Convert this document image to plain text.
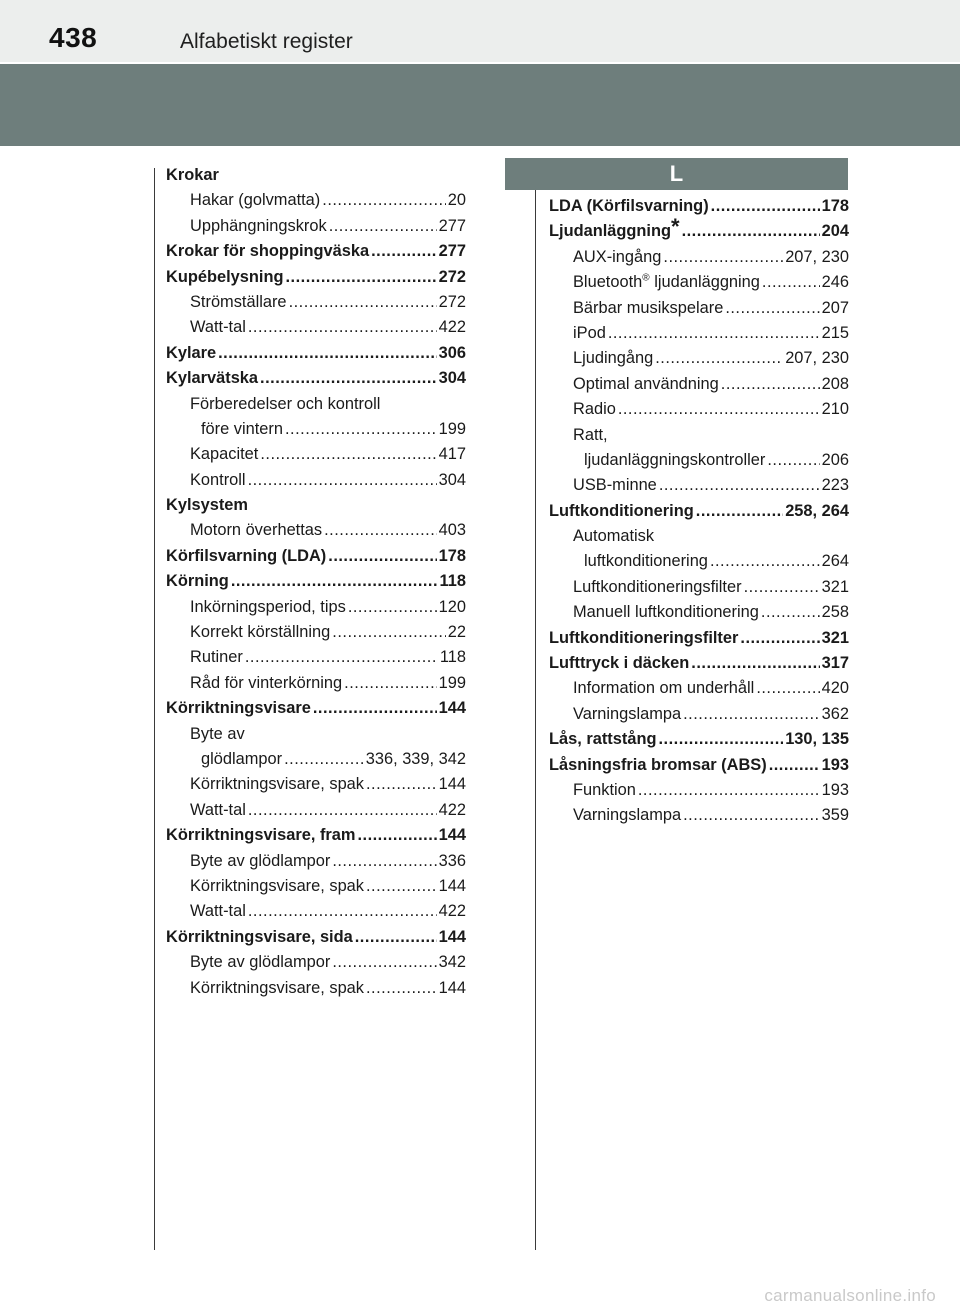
438	Alfabetiskt register
L
Krokar
Hakar (golvmatta) .....	20
Upphängningskrok .....	277
Krokar för shoppingväska .....	277
Kupébelysning .....	272
Strömställare .....	272
Watt-tal .....	422
Kylare .....	306
Kylarvätska .....	304
Förberedelser och kontroll
före vintern .....	199
Kapacitet .....	417
Kontroll .....	304
Kylsystem
Motorn överhettas .....	403
Körfilsvarning (LDA) .....	178
Körning .....	118
Inkörningsperiod, tips .....	120
Korrekt körställning .....	22
Rutiner .....	118
Råd för vinterkörning .....	199
Körriktningsvisare .....	144
Byte av
glödlampor .....	336, 339, 342
Körriktningsvisare, spak .....	144
Watt-tal .....	422
Körriktningsvisare, fram .....	144
Byte av glödlampor .....	336
Körriktningsvisare, spak .....	144
Watt-tal .....	422
Körriktningsvisare, sida .....	144
Byte av glödlampor .....	342
Körriktningsvisare, spak .....	144
LDA (Körfilsvarning) .....	178
Ljudanläggning* .....	204
AUX-ingång .....	207, 230
Bluetooth® ljudanläggning .....	246
Bärbar musikspelare .....	207
iPod .....	215
Ljudingång .....	207, 230
Optimal användning .....	208
Radio .....	210
Ratt,
ljudanläggningskontroller .....	206
USB-minne .....	223
Luftkonditionering .....	258, 264
Automatisk
luftkonditionering .....	264
Luftkonditioneringsfilter .....	321
Manuell luftkonditionering .....	258
Luftkonditioneringsfilter .....	321
Lufttryck i däcken .....	317
Information om underhåll .....	420
Varningslampa .....	362
Lås, rattstång .....	130, 135
Låsningsfria bromsar (ABS) .....	193
Funktion .....	193
Varningslampa .....	359
carmanualsonline.info
